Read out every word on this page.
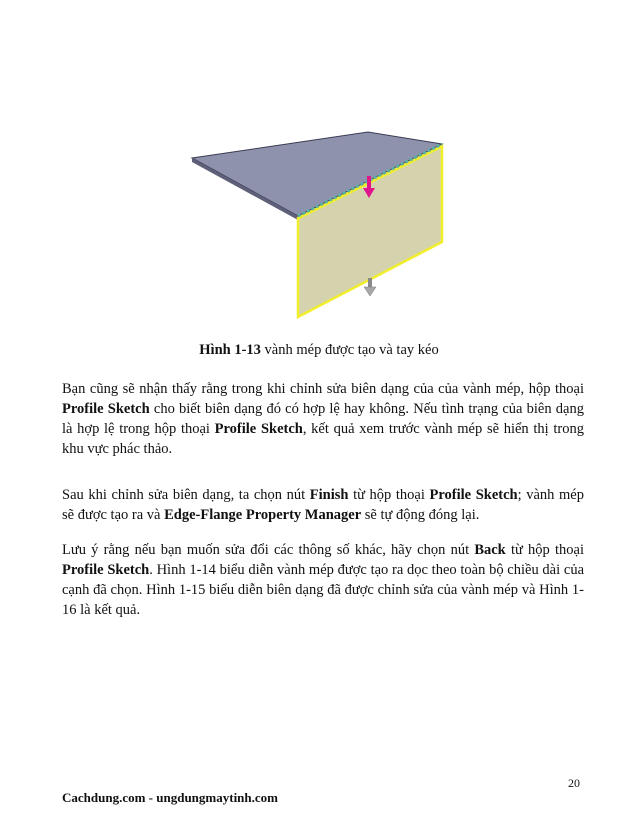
Hình 1-13 vành mép được tạo và tay kéo

Bạn cũng sẽ nhận thấy rằng trong khi chỉnh sửa biên dạng của của vành mép, hộp thoại Profile Sketch cho biết biên dạng đó có hợp lệ hay không. Nếu tình trạng của biên dạng là hợp lệ trong hộp thoại Profile Sketch, kết quả xem trước vành mép sẽ hiển thị trong khu vực phác thảo.

Sau khi chỉnh sửa biên dạng, ta chọn nút Finish từ hộp thoại Profile Sketch; vành mép sẽ được tạo ra và Edge-Flange Property Manager sẽ tự động đóng lại.

Lưu ý rằng nếu bạn muốn sửa đổi các thông số khác, hãy chọn nút Back từ hộp thoại Profile Sketch. Hình 1-14 biểu diễn vành mép được tạo ra dọc theo toàn bộ chiều dài của cạnh đã chọn. Hình 1-15 biểu diễn biên dạng đã được chỉnh sửa của vành mép và Hình 1-16 là kết quả.

20
Cachdung.com - ungdungmaytinh.com
